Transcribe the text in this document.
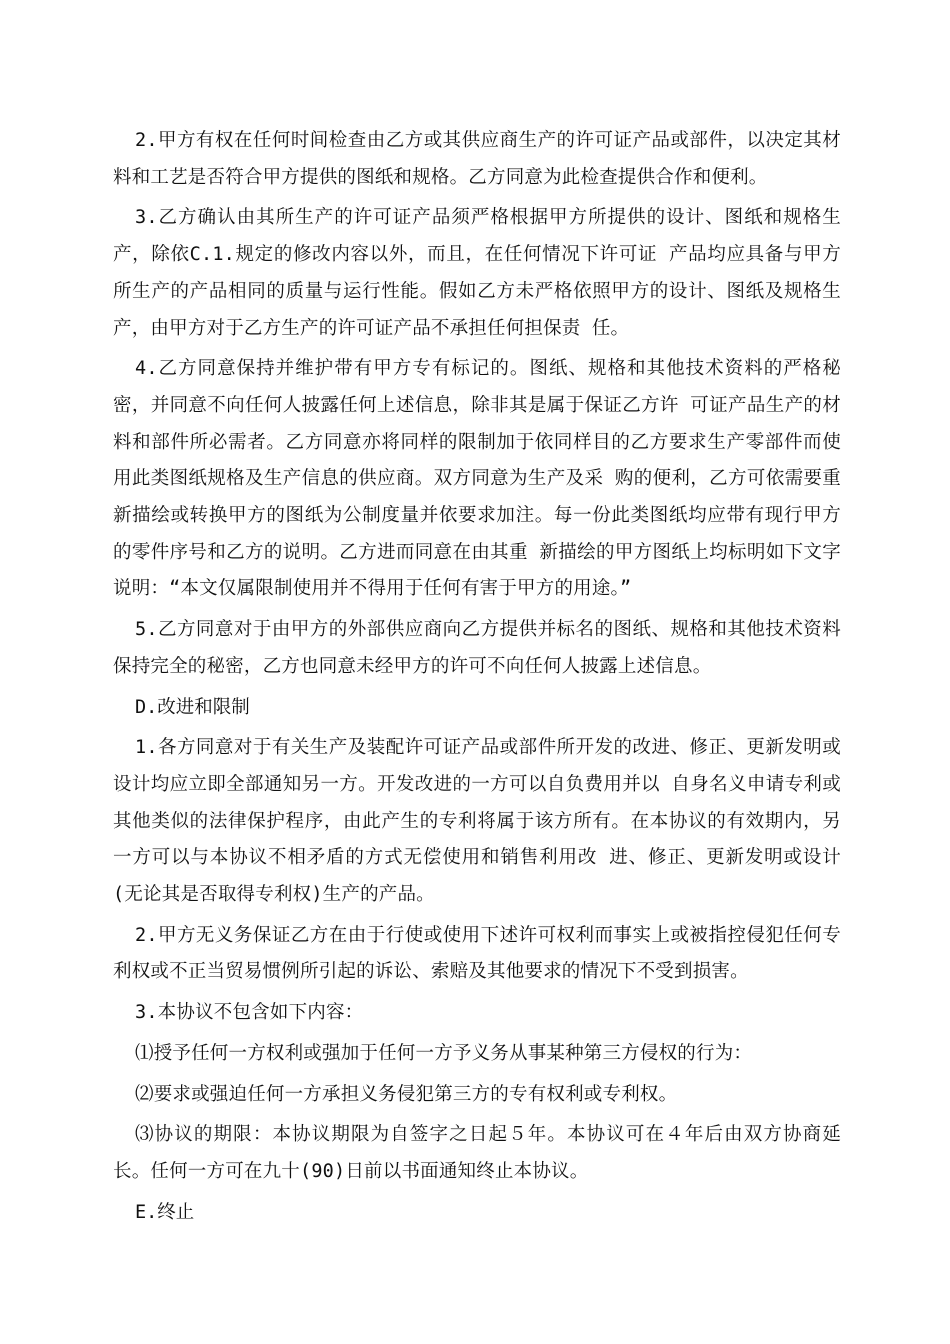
2.甲方有权在任何时间检查由乙方或其供应商生产的许可证产品或部件，以决定其材料和工艺是否符合甲方提供的图纸和规格。乙方同意为此检查提供合作和便利。

3.乙方确认由其所生产的许可证产品须严格根据甲方所提供的设计、图纸和规格生产，除依C.1.规定的修改内容以外，而且，在任何情况下许可证 产品均应具备与甲方所生产的产品相同的质量与运行性能。假如乙方未严格依照甲方的设计、图纸及规格生产，由甲方对于乙方生产的许可证产品不承担任何担保责 任。

4.乙方同意保持并维护带有甲方专有标记的。图纸、规格和其他技术资料的严格秘密，并同意不向任何人披露任何上述信息，除非其是属于保证乙方许 可证产品生产的材料和部件所必需者。乙方同意亦将同样的限制加于依同样目的乙方要求生产零部件而使用此类图纸规格及生产信息的供应商。双方同意为生产及采 购的便利，乙方可依需要重新描绘或转换甲方的图纸为公制度量并依要求加注。每一份此类图纸均应带有现行甲方的零件序号和乙方的说明。乙方进而同意在由其重 新描绘的甲方图纸上均标明如下文字说明：“本文仅属限制使用并不得用于任何有害于甲方的用途。”

5.乙方同意对于由甲方的外部供应商向乙方提供并标名的图纸、规格和其他技术资料保持完全的秘密，乙方也同意未经甲方的许可不向任何人披露上述信息。

D.改进和限制

1.各方同意对于有关生产及装配许可证产品或部件所开发的改进、修正、更新发明或设计均应立即全部通知另一方。开发改进的一方可以自负费用并以 自身名义申请专利或其他类似的法律保护程序，由此产生的专利将属于该方所有。在本协议的有效期内，另一方可以与本协议不相矛盾的方式无偿使用和销售利用改 进、修正、更新发明或设计(无论其是否取得专利权)生产的产品。

2.甲方无义务保证乙方在由于行使或使用下述许可权利而事实上或被指控侵犯任何专利权或不正当贸易惯例所引起的诉讼、索赔及其他要求的情况下不受到损害。

3.本协议不包含如下内容：

⑴授予任何一方权利或强加于任何一方予义务从事某种第三方侵权的行为：

⑵要求或强迫任何一方承担义务侵犯第三方的专有权利或专利权。

⑶协议的期限：本协议期限为自签字之日起５年。本协议可在４年后由双方协商延长。任何一方可在九十(90)日前以书面通知终止本协议。

E.终止
